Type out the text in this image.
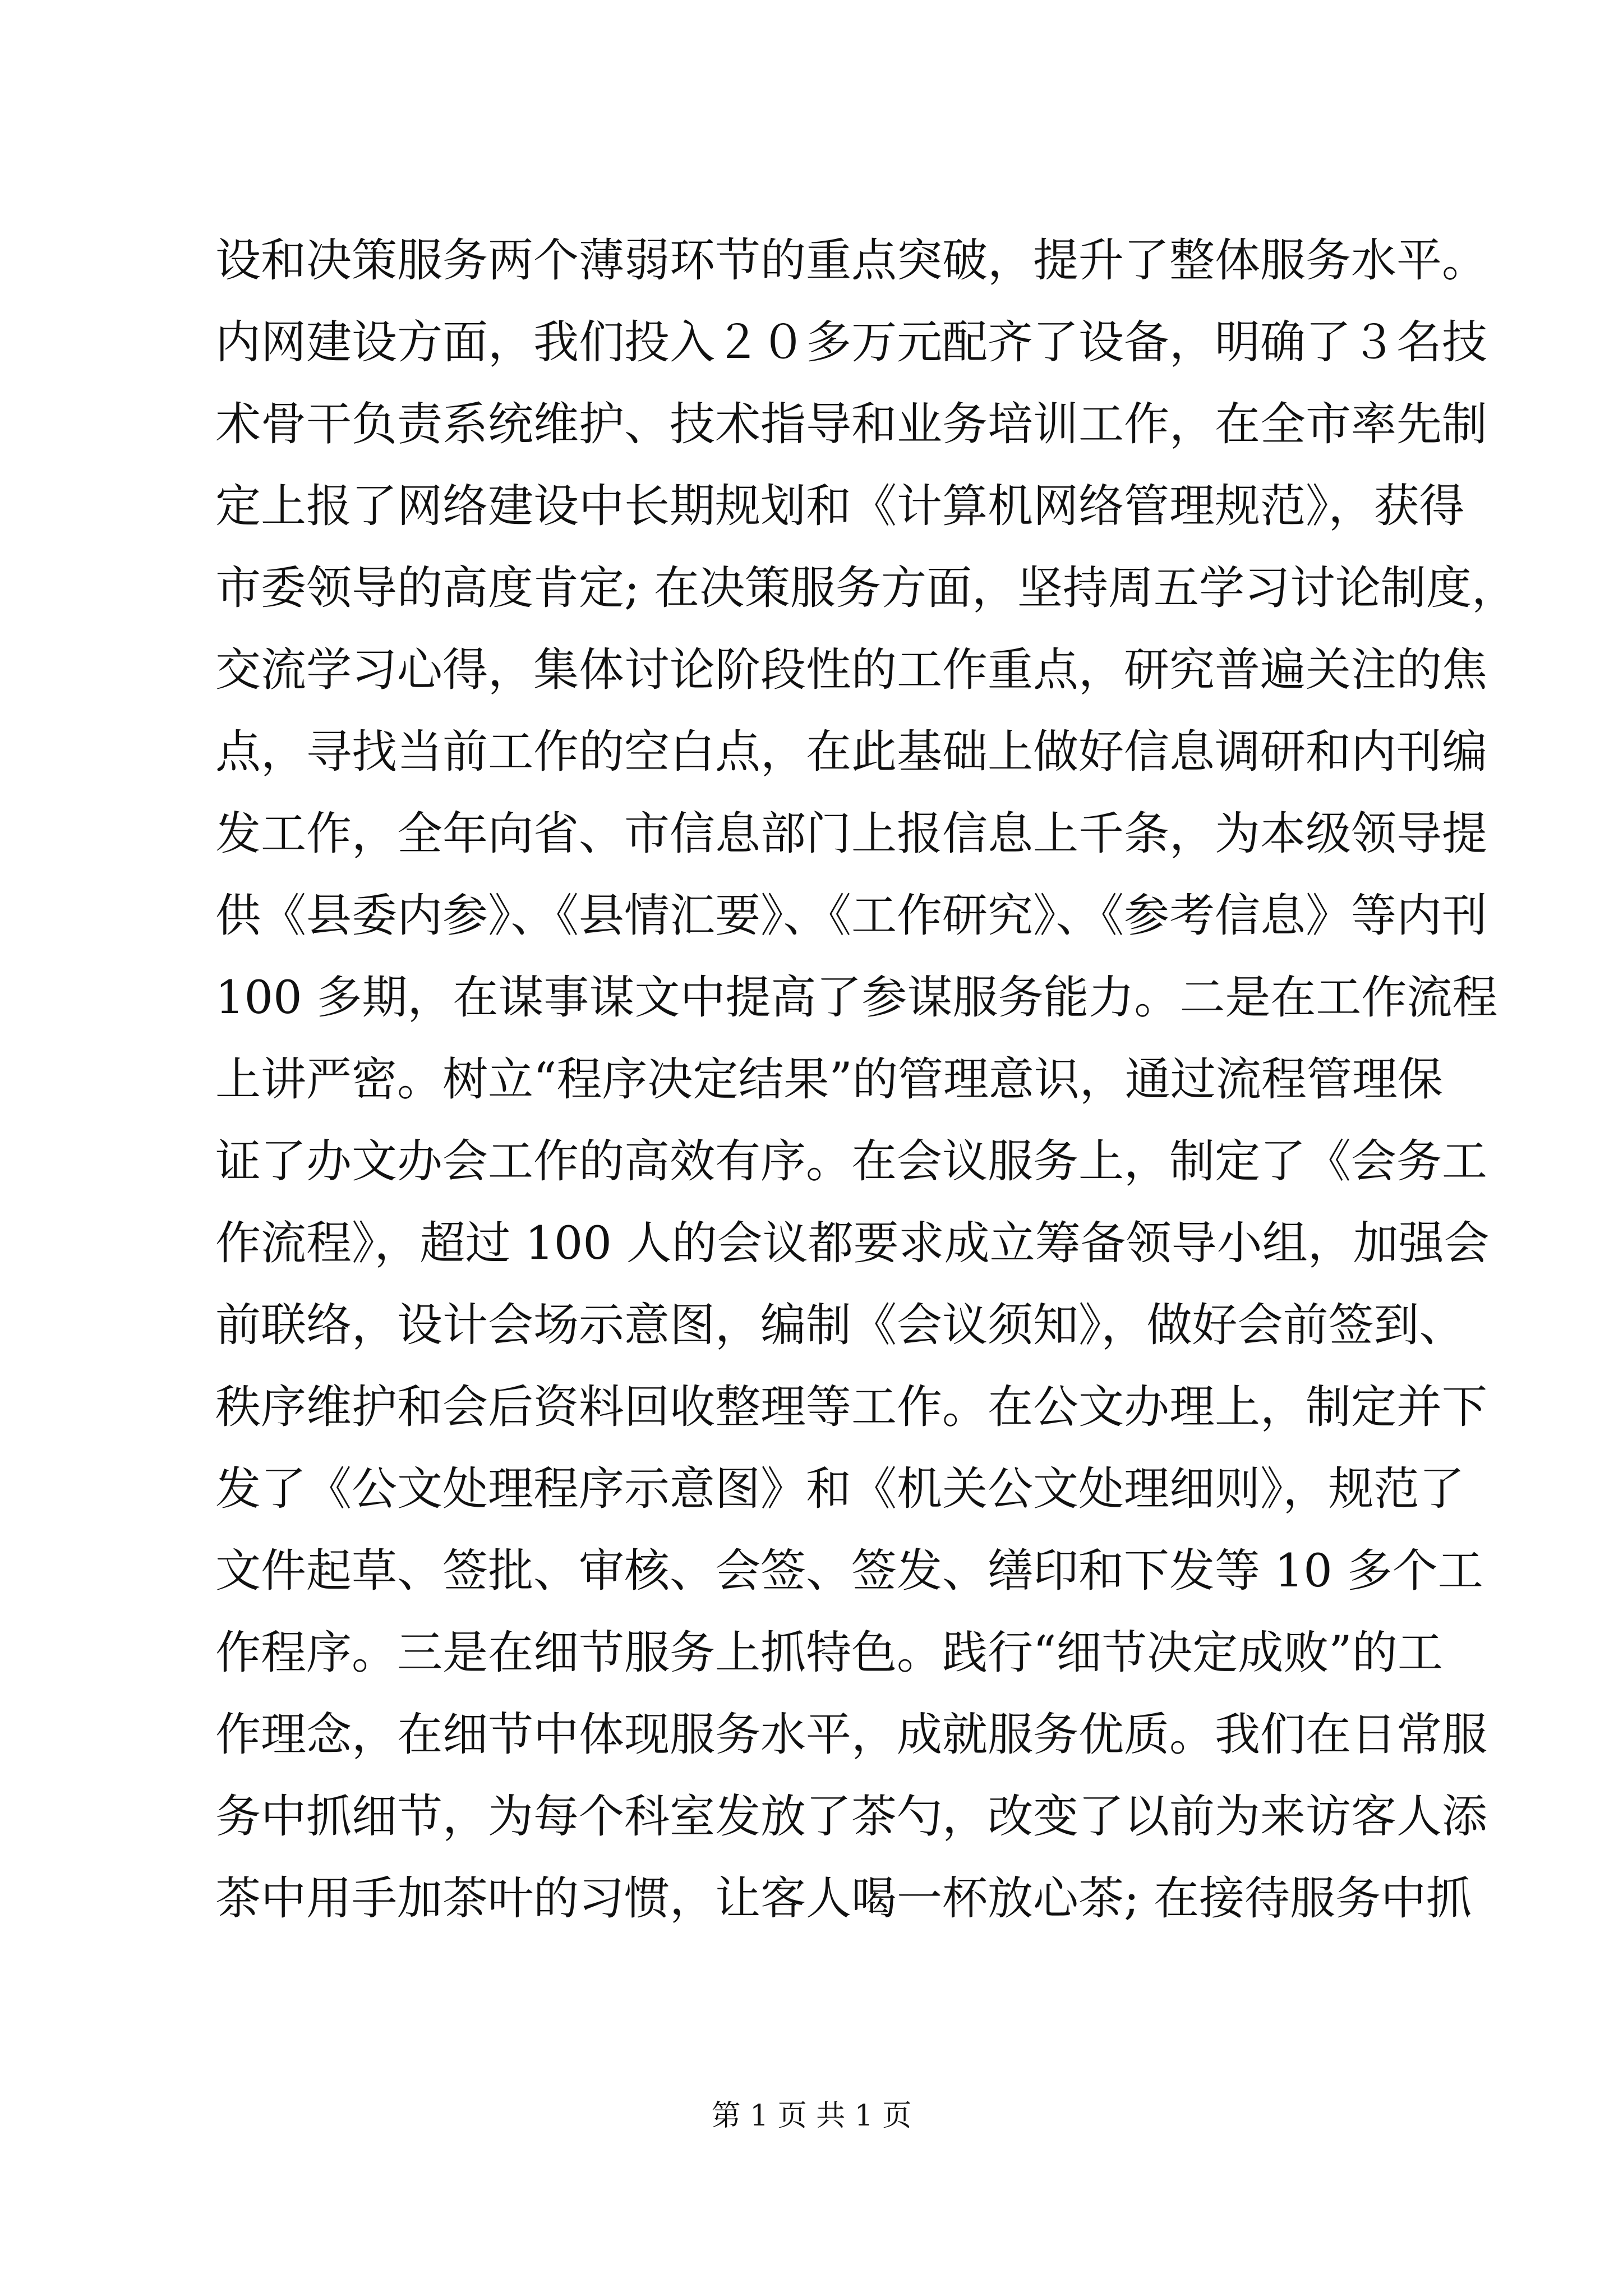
设和决策服务两个薄弱环节的重点突破，提升了整体服务水平。
内网建设方面，我们投入２０多万元配齐了设备，明确了３名技
术骨干负责系统维护、技术指导和业务培训工作，在全市率先制
定上报了网络建设中长期规划和《计算机网络管理规范》，获得
市委领导的高度肯定; 在决策服务方面，坚持周五学习讨论制度，
交流学习心得，集体讨论阶段性的工作重点，研究普遍关注的焦
点，寻找当前工作的空白点，在此基础上做好信息调研和内刊编
发工作，全年向省、市信息部门上报信息上千条，为本级领导提
供《县委内参》、《县情汇要》、《工作研究》、《参考信息》等内刊
100 多期，在谋事谋文中提高了参谋服务能力。二是在工作流程
上讲严密。树立“程序决定结果”的管理意识，通过流程管理保
证了办文办会工作的高效有序。在会议服务上，制定了《会务工
作流程》，超过 100 人的会议都要求成立筹备领导小组，加强会
前联络，设计会场示意图，编制《会议须知》，做好会前签到、
秩序维护和会后资料回收整理等工作。在公文办理上，制定并下
发了《公文处理程序示意图》和《机关公文处理细则》，规范了
文件起草、签批、审核、会签、签发、缮印和下发等 10 多个工
作程序。三是在细节服务上抓特色。践行“细节决定成败”的工
作理念，在细节中体现服务水平，成就服务优质。我们在日常服
务中抓细节，为每个科室发放了茶勺，改变了以前为来访客人添
茶中用手加茶叶的习惯，让客人喝一杯放心茶; 在接待服务中抓
第 1 页 共 1 页
